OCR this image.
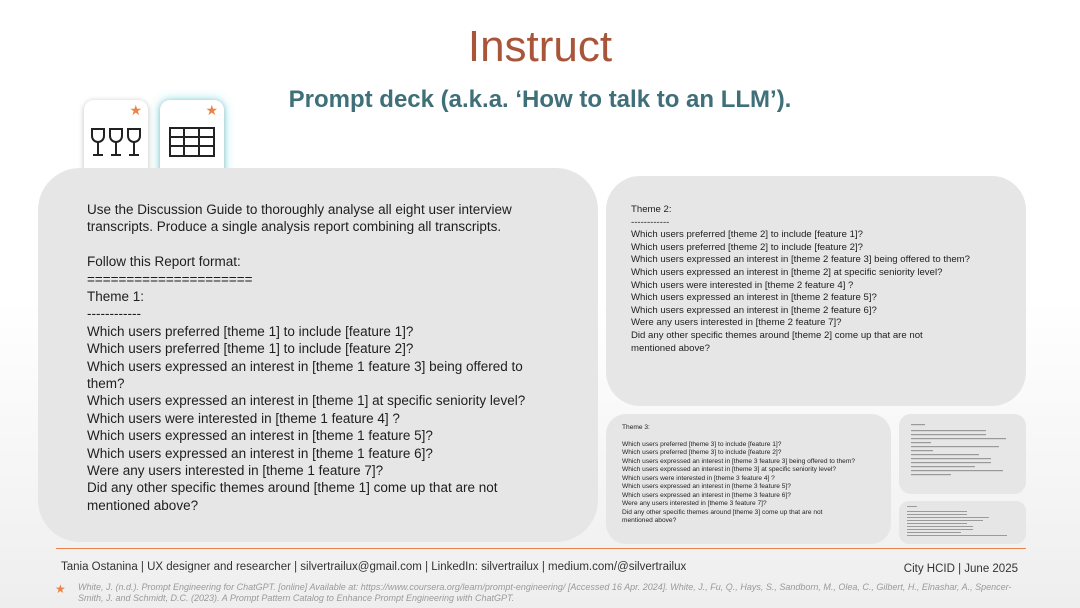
Instruct
Prompt deck (a.k.a. ‘How to talk to an LLM’).
★	★
Use the Discussion Guide to thoroughly analyse all eight user interview transcripts. Produce a single analysis report combining all transcripts.
Follow this Report format:
=====================
Theme 1:
------------
Which users preferred [theme 1] to include [feature 1]?
Which users preferred [theme 1] to include [feature 2]?
Which users expressed an interest in [theme 1 feature 3] being offered to them?
Which users expressed an interest in [theme 1] at specific seniority level?
Which users were interested in [theme 1 feature 4] ?
Which users expressed an interest in [theme 1 feature 5]?
Which users expressed an interest in [theme 1 feature 6]?
Were any users interested in [theme 1 feature 7]?
Did any other specific themes around [theme 1] come up that are not mentioned above?
Theme 2:
------------
Which users preferred [theme 2] to include [feature 1]?
Which users preferred [theme 2] to include [feature 2]?
Which users expressed an interest in [theme 2 feature 3] being offered to them?
Which users expressed an interest in [theme 2] at specific seniority level?
Which users were interested in [theme 2 feature 4] ?
Which users expressed an interest in [theme 2 feature 5]?
Which users expressed an interest in [theme 2 feature 6]?
Were any users interested in [theme 2 feature 7]?
Did any other specific themes around [theme 2] come up that are not mentioned above?
Theme 3:
Which users preferred [theme 3] to include [feature 1]?
Which users preferred [theme 3] to include [feature 2]?
Which users expressed an interest in [theme 3 feature 3] being offered to them?
Which users expressed an interest in [theme 3] at specific seniority level?
Which users were interested in [theme 3 feature 4] ?
Which users expressed an interest in [theme 3 feature 5]?
Which users expressed an interest in [theme 3 feature 6]?
Were any users interested in [theme 3 feature 7]?
Did any other specific themes around [theme 3] come up that are not mentioned above?
Tania Ostanina | UX designer and researcher | silvertrailux@gmail.com | LinkedIn: silvertrailux | medium.com/@silvertrailux	City HCID | June 2025
★ White, J. (n.d.). Prompt Engineering for ChatGPT. [online] Available at: https://www.coursera.org/learn/prompt-engineering/ [Accessed 16 Apr. 2024]. White, J., Fu, Q., Hays, S., Sandborn, M., Olea, C., Gilbert, H., Elnashar, A., Spencer-Smith, J. and Schmidt, D.C. (2023). A Prompt Pattern Catalog to Enhance Prompt Engineering with ChatGPT.
